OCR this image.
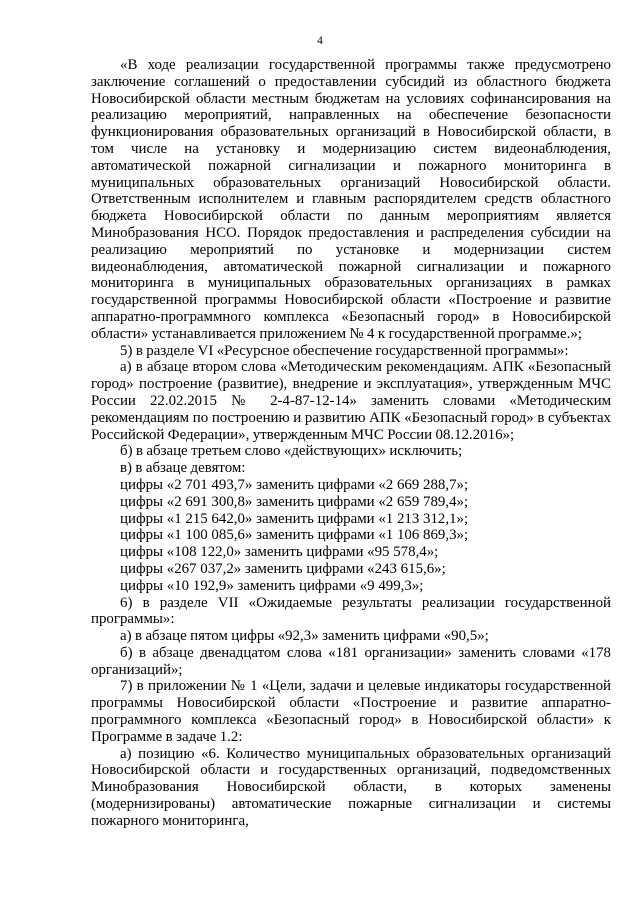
4

«В ходе реализации государственной программы также предусмотрено заключение соглашений о предоставлении субсидий из областного бюджета Новосибирской области местным бюджетам на условиях софинансирования на реализацию мероприятий, направленных на обеспечение безопасности функционирования образовательных организаций в Новосибирской области, в том числе на установку и модернизацию систем видеонаблюдения, автоматической пожарной сигнализации и пожарного мониторинга в муниципальных образовательных организаций Новосибирской области. Ответственным исполнителем и главным распорядителем средств областного бюджета Новосибирской области по данным мероприятиям является Минобразования НСО. Порядок предоставления и распределения субсидии на реализацию мероприятий по установке и модернизации систем видеонаблюдения, автоматической пожарной сигнализации и пожарного мониторинга в муниципальных образовательных организациях в рамках государственной программы Новосибирской области «Построение и развитие аппаратно-программного комплекса «Безопасный город» в Новосибирской области» устанавливается приложением № 4 к государственной программе.»;

5) в разделе VI «Ресурсное обеспечение государственной программы»:

а) в абзаце втором слова «Методическим рекомендациям. АПК «Безопасный город» построение (развитие), внедрение и эксплуатация», утвержденным МЧС России 22.02.2015 № 2-4-87-12-14» заменить словами «Методическим рекомендациям по построению и развитию АПК «Безопасный город» в субъектах Российской Федерации», утвержденным МЧС России 08.12.2016»;

б) в абзаце третьем слово «действующих» исключить;

в) в абзаце девятом:

цифры «2 701 493,7» заменить цифрами «2 669 288,7»;

цифры «2 691 300,8» заменить цифрами «2 659 789,4»;

цифры «1 215 642,0» заменить цифрами «1 213 312,1»;

цифры «1 100 085,6» заменить цифрами «1 106 869,3»;

цифры «108 122,0» заменить цифрами «95 578,4»;

цифры «267 037,2» заменить цифрами «243 615,6»;

цифры «10 192,9» заменить цифрами «9 499,3»;

6) в разделе VII «Ожидаемые результаты реализации государственной программы»:

а) в абзаце пятом цифры «92,3» заменить цифрами «90,5»;

б) в абзаце двенадцатом слова «181 организации» заменить словами «178 организаций»;

7) в приложении № 1 «Цели, задачи и целевые индикаторы государственной программы Новосибирской области «Построение и развитие аппаратно-программного комплекса «Безопасный город» в Новосибирской области» к Программе в задаче 1.2:

а) позицию «6. Количество муниципальных образовательных организаций Новосибирской области и государственных организаций, подведомственных Минобразования Новосибирской области, в которых заменены (модернизированы) автоматические пожарные сигнализации и системы пожарного мониторинга,
